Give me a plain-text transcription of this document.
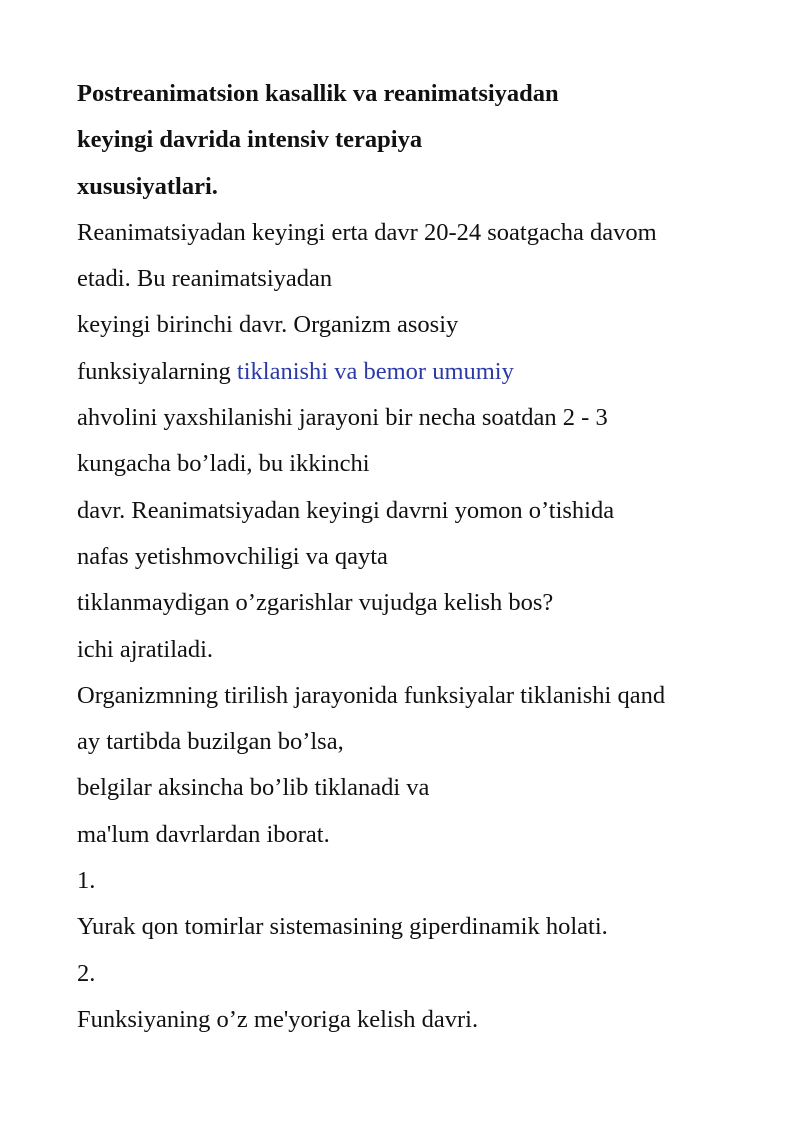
Postreanimatsion kasallik va reanimatsiyadan
keyingi davrida intensiv terapiya
xususiyatlari.
Reanimatsiyadan keyingi erta davr 20-24 soatgacha davom
etadi. Bu reanimatsiyadan
keyingi birinchi davr. Organizm asosiy
funksiyalarning tiklanishi va bemor umumiy
ahvolini yaxshilanishi jarayoni bir necha soatdan 2 - 3
kungacha bo’ladi, bu ikkinchi
davr. Reanimatsiyadan keyingi davrni yomon o’tishida
nafas yetishmovchiligi va qayta
tiklanmaydigan o’zgarishlar vujudga kelish bos?
ichi ajratiladi.
Organizmning tirilish jarayonida funksiyalar tiklanishi qand
ay tartibda buzilgan bo’lsa,
belgilar aksincha bo’lib tiklanadi va
ma'lum davrlardan iborat.
1.
Yurak qon tomirlar sistemasining giperdinamik holati.
2.
Funksiyaning o’z me'yoriga kelish davri.
